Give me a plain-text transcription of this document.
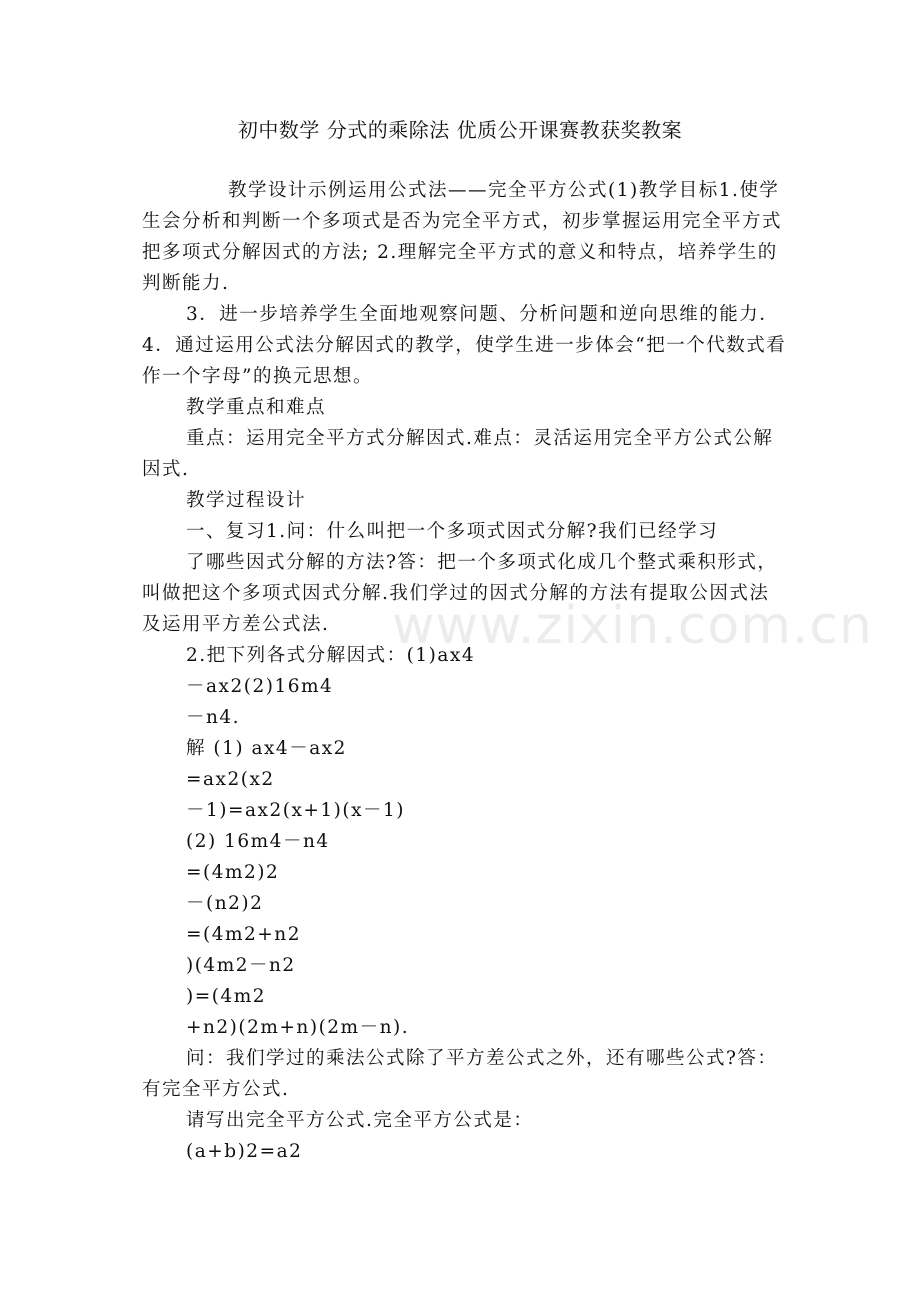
初中数学 分式的乘除法 优质公开课赛教获奖教案

教学设计示例运用公式法——完全平方公式(1)教学目标1.使学生会分析和判断一个多项式是否为完全平方式，初步掌握运用完全平方式把多项式分解因式的方法; 2.理解完全平方式的意义和特点，培养学生的判断能力.

3．进一步培养学生全面地观察问题、分析问题和逆向思维的能力．4．通过运用公式法分解因式的教学，使学生进一步体会“把一个代数式看作一个字母”的换元思想。

教学重点和难点

重点：运用完全平方式分解因式.难点：灵活运用完全平方公式公解因式.

教学过程设计

一、复习1.问：什么叫把一个多项式因式分解?我们已经学习

了哪些因式分解的方法?答：把一个多项式化成几个整式乘积形式，叫做把这个多项式因式分解.我们学过的因式分解的方法有提取公因式法及运用平方差公式法.

2.把下列各式分解因式：(1)ax4

－ax2(2)16m4

－n4.

解 (1) ax4－ax2

=ax2(x2

－1)=ax2(x+1)(x－1)

(2) 16m4－n4

=(4m2)2

－(n2)2

=(4m2+n2

)(4m2－n2

)=(4m2

+n2)(2m+n)(2m－n).

问：我们学过的乘法公式除了平方差公式之外，还有哪些公式?答：有完全平方公式.

请写出完全平方公式.完全平方公式是：

(a+b)2=a2

www.zixin.com.cn
